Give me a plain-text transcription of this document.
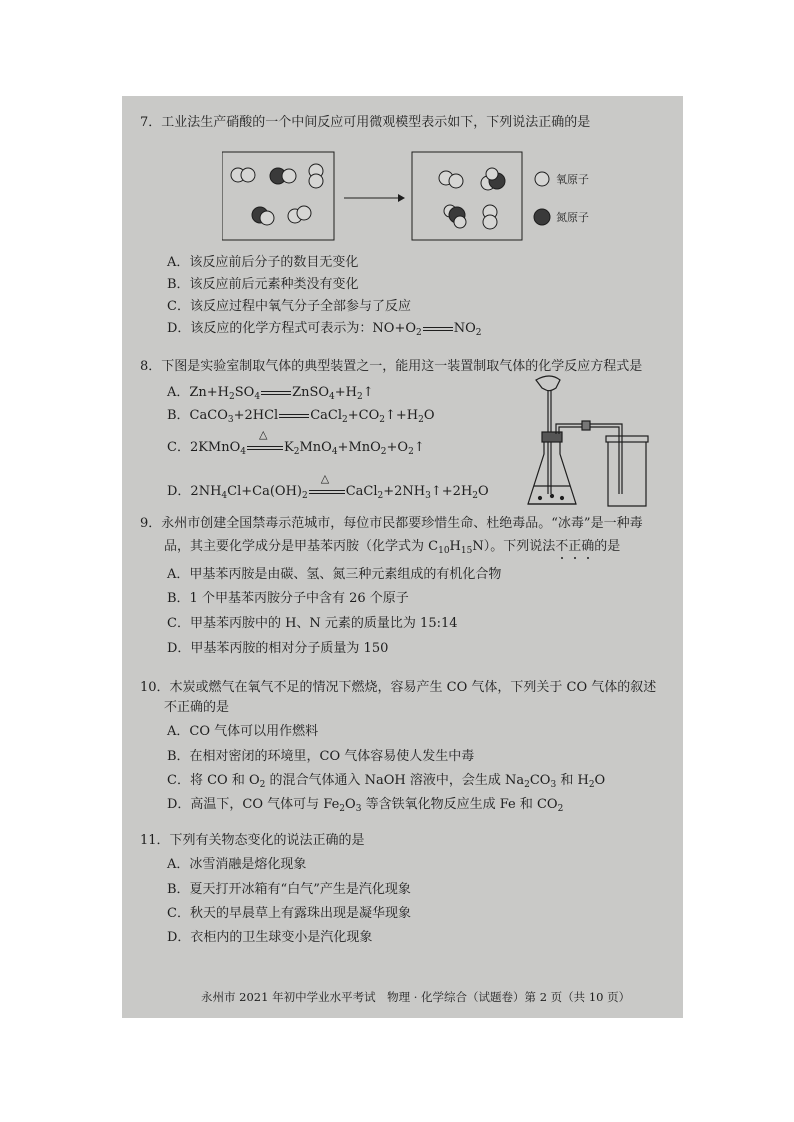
7．工业法生产硝酸的一个中间反应可用微观模型表示如下，下列说法正确的是
氧原子
氮原子
A．该反应前后分子的数目无变化
B．该反应前后元素种类没有变化
C．该反应过程中氧气分子全部参与了反应
D．该反应的化学方程式可表示为：$NO+O_2$ $NO_2$
8．下图是实验室制取气体的典型装置之一，能用这一装置制取气体的化学反应方程式是
A．$Zn+H_2SO_4$ $ZnSO_4+H_2↑$
B．CaCO$_3$+2HCl $CaCl_2+CO_2↑+H_2O$
C．2KMnO$_4$
△
$K_2MnO_4+MnO_2+O_2↑$
D．$2NH_4Cl+Ca(OH)_2$
△
$CaCl_2+2NH_3↑+2H_2O$
9．永州市创建全国禁毒示范城市，每位市民都要珍惜生命、杜绝毒品。“冰毒”是一种毒
品，其主要化学成分是甲基苯丙胺（化学式为 $C_{10}H_{15}N$）。下列说法不正确的是
A．甲基苯丙胺是由碳、氢、氮三种元素组成的有机化合物
B．1 个甲基苯丙胺分子中含有 26 个原子
C．甲基苯丙胺中的 H、N 元素的质量比为 15:14
D．甲基苯丙胺的相对分子质量为 150
10．木炭或燃气在氧气不足的情况下燃烧，容易产生 CO 气体，下列关于 CO 气体的叙述
不正确的是
A．CO 气体可以用作燃料
B．在相对密闭的环境里，CO 气体容易使人发生中毒
C．将 CO 和 $O_2$ 的混合气体通入 NaOH 溶液中，会生成 $Na_2CO_3$ 和 $H_2O$
D．高温下，CO 气体可与 $Fe_2O_3$ 等含铁氧化物反应生成 Fe 和 $CO_2$
11．下列有关物态变化的说法正确的是
A．冰雪消融是熔化现象
B．夏天打开冰箱有“白气”产生是汽化现象
C．秋天的早晨草上有露珠出现是凝华现象
D．衣柜内的卫生球变小是汽化现象
永州市 2021 年初中学业水平考试　物理 · 化学综合（试题卷）第 2 页（共 10 页）
